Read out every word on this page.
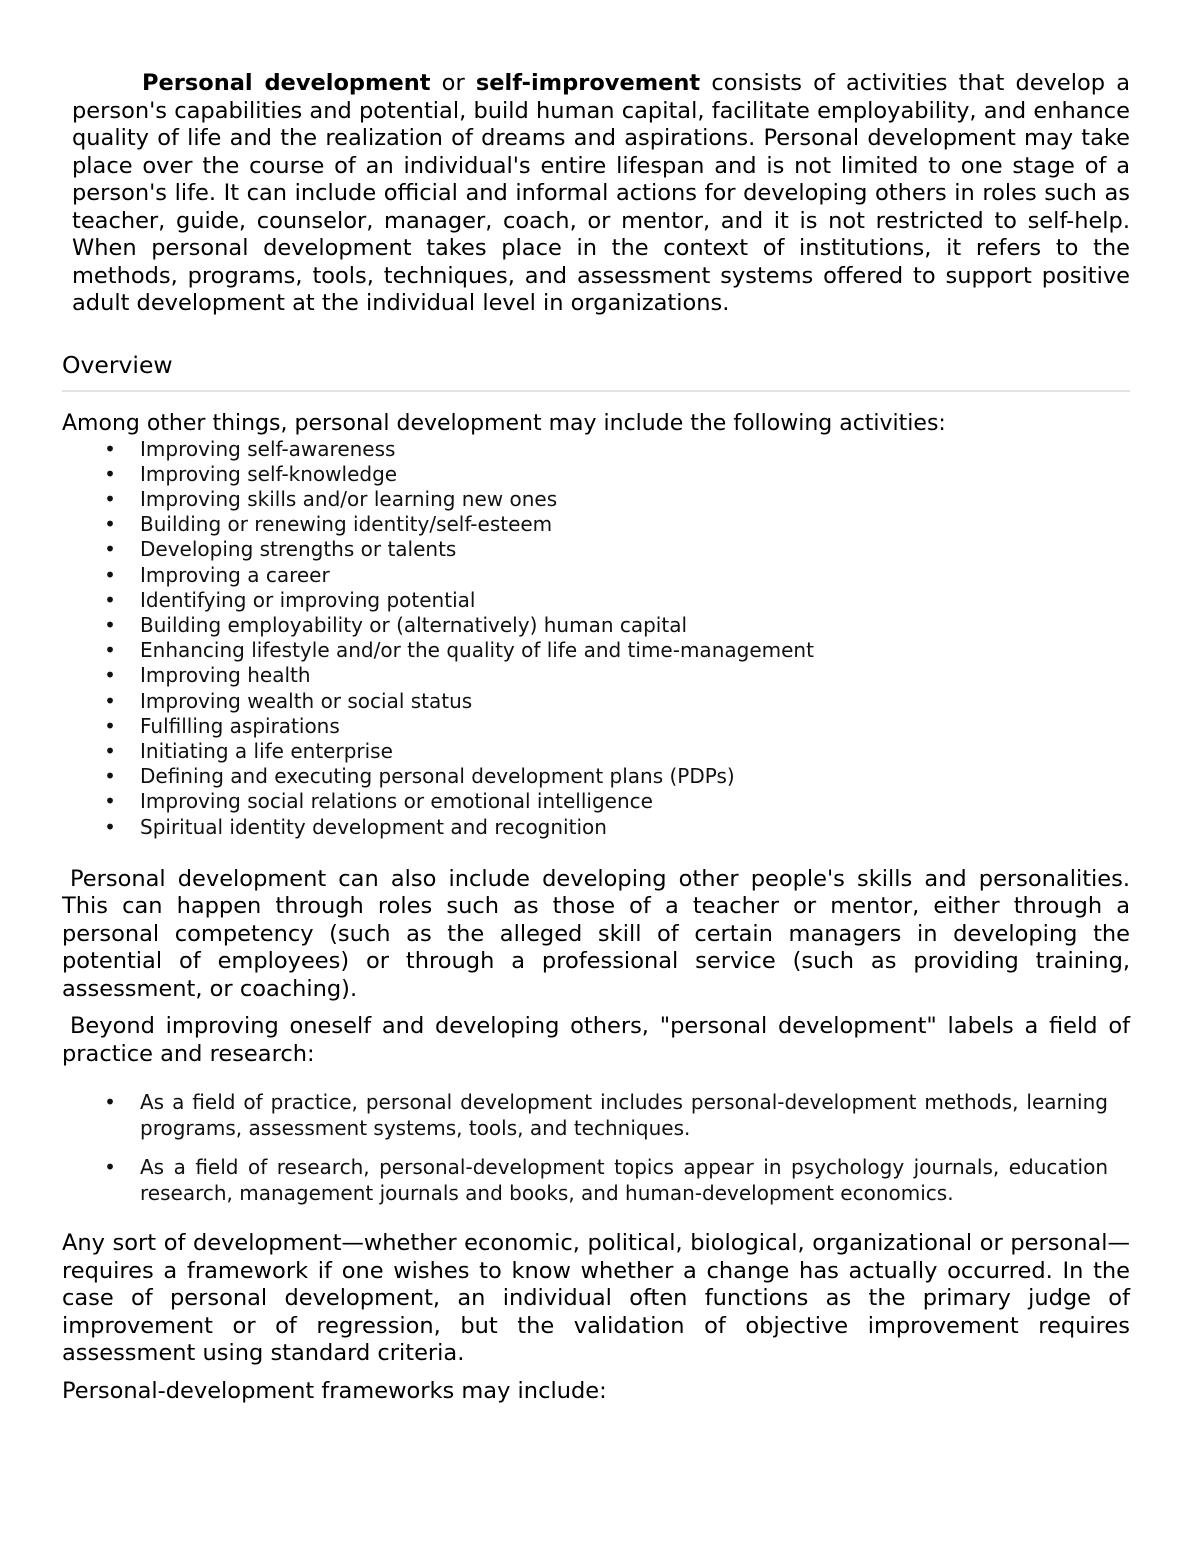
Personal development or self-improvement consists of activities that develop a person's capabilities and potential, build human capital, facilitate employability, and enhance quality of life and the realization of dreams and aspirations. Personal development may take place over the course of an individual's entire lifespan and is not limited to one stage of a person's life. It can include official and informal actions for developing others in roles such as teacher, guide, counselor, manager, coach, or mentor, and it is not restricted to self-help. When personal development takes place in the context of institutions, it refers to the methods, programs, tools, techniques, and assessment systems offered to support positive adult development at the individual level in organizations.

Overview

Among other things, personal development may include the following activities:

• Improving self-awareness
• Improving self-knowledge
• Improving skills and/or learning new ones
• Building or renewing identity/self-esteem
• Developing strengths or talents
• Improving a career
• Identifying or improving potential
• Building employability or (alternatively) human capital
• Enhancing lifestyle and/or the quality of life and time-management
• Improving health
• Improving wealth or social status
• Fulfilling aspirations
• Initiating a life enterprise
• Defining and executing personal development plans (PDPs)
• Improving social relations or emotional intelligence
• Spiritual identity development and recognition

Personal development can also include developing other people's skills and personalities. This can happen through roles such as those of a teacher or mentor, either through a personal competency (such as the alleged skill of certain managers in developing the potential of employees) or through a professional service (such as providing training, assessment, or coaching).

Beyond improving oneself and developing others, "personal development" labels a field of practice and research:

• As a field of practice, personal development includes personal-development methods, learning programs, assessment systems, tools, and techniques.
• As a field of research, personal-development topics appear in psychology journals, education research, management journals and books, and human-development economics.

Any sort of development—whether economic, political, biological, organizational or personal—requires a framework if one wishes to know whether a change has actually occurred. In the case of personal development, an individual often functions as the primary judge of improvement or of regression, but the validation of objective improvement requires assessment using standard criteria.

Personal-development frameworks may include:
